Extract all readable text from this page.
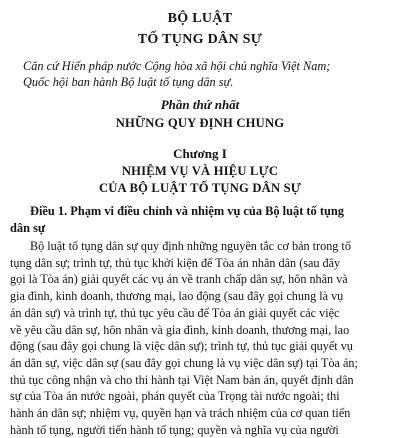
BỘ LUẬT
TỐ TỤNG DÂN SỰ
Căn cứ Hiến pháp nước Cộng hòa xã hội chủ nghĩa Việt Nam;
Quốc hội ban hành Bộ luật tố tụng dân sự.
Phần thứ nhất
NHỮNG QUY ĐỊNH CHUNG
Chương I
NHIỆM VỤ VÀ HIỆU LỰC
CỦA BỘ LUẬT TỐ TỤNG DÂN SỰ
Điều 1. Phạm vi điều chỉnh và nhiệm vụ của Bộ luật tố tụng
dân sự
Bộ luật tố tụng dân sự quy định những nguyên tắc cơ bản trong tố
tụng dân sự; trình tự, thủ tục khởi kiện để Tòa án nhân dân (sau đây
gọi là Tòa án) giải quyết các vụ án về tranh chấp dân sự, hôn nhân và
gia đình, kinh doanh, thương mại, lao động (sau đây gọi chung là vụ
án dân sự) và trình tự, thủ tục yêu cầu để Tòa án giải quyết các việc
về yêu cầu dân sự, hôn nhân và gia đình, kinh doanh, thương mại, lao
động (sau đây gọi chung là việc dân sự); trình tự, thủ tục giải quyết vụ
án dân sự, việc dân sự (sau đây gọi chung là vụ việc dân sự) tại Tòa án;
thủ tục công nhận và cho thi hành tại Việt Nam bản án, quyết định dân
sự của Tòa án nước ngoài, phán quyết của Trọng tài nước ngoài; thi
hành án dân sự; nhiệm vụ, quyền hạn và trách nhiệm của cơ quan tiến
hành tố tụng, người tiến hành tố tụng; quyền và nghĩa vụ của người
